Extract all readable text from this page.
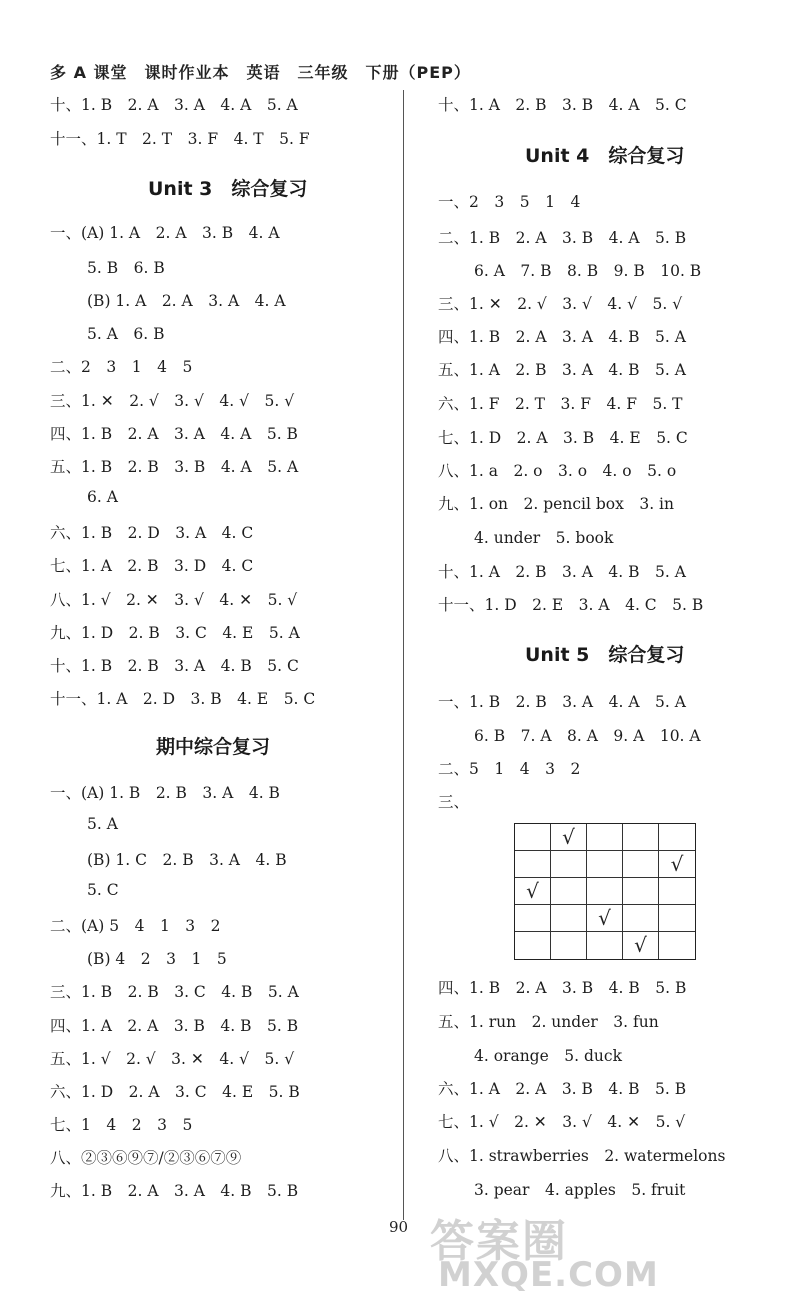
多 A 课堂　课时作业本　英语　三年级　下册（PEP）
十、1. B　2. A　3. A　4. A　5. A
十一、1. T　2. T　3. F　4. T　5. F
Unit 3　综合复习
一、(A) 1. A　2. A　3. B　4. A
5. B　6. B
(B) 1. A　2. A　3. A　4. A
5. A　6. B
二、2　3　1　4　5
三、1. ✕　2. √　3. √　4. √　5. √
四、1. B　2. A　3. A　4. A　5. B
五、1. B　2. B　3. B　4. A　5. A
6. A
六、1. B　2. D　3. A　4. C
七、1. A　2. B　3. D　4. C
八、1. √　2. ✕　3. √　4. ✕　5. √
九、1. D　2. B　3. C　4. E　5. A
十、1. B　2. B　3. A　4. B　5. C
十一、1. A　2. D　3. B　4. E　5. C
期中综合复习
一、(A) 1. B　2. B　3. A　4. B
5. A
(B) 1. C　2. B　3. A　4. B
5. C
二、(A) 5　4　1　3　2
(B) 4　2　3　1　5
三、1. B　2. B　3. C　4. B　5. A
四、1. A　2. A　3. B　4. B　5. B
五、1. √　2. √　3. ✕　4. √　5. √
六、1. D　2. A　3. C　4. E　5. B
七、1　4　2　3　5
八、②③⑥⑨⑦/②③⑥⑦⑨
九、1. B　2. A　3. A　4. B　5. B
十、1. A　2. B　3. B　4. A　5. C
Unit 4　综合复习
一、2　3　5　1　4
二、1. B　2. A　3. B　4. A　5. B
6. A　7. B　8. B　9. B　10. B
三、1. ✕　2. √　3. √　4. √　5. √
四、1. B　2. A　3. A　4. B　5. A
五、1. A　2. B　3. A　4. B　5. A
六、1. F　2. T　3. F　4. F　5. T
七、1. D　2. A　3. B　4. E　5. C
八、1. a　2. o　3. o　4. o　5. o
九、1. on　2. pencil box　3. in
4. under　5. book
十、1. A　2. B　3. A　4. B　5. A
十一、1. D　2. E　3. A　4. C　5. B
Unit 5　综合复习
一、1. B　2. B　3. A　4. A　5. A
6. B　7. A　8. A　9. A　10. A
二、5　1　4　3　2
三、
四、1. B　2. A　3. B　4. B　5. B
五、1. run　2. under　3. fun
4. orange　5. duck
六、1. A　2. A　3. B　4. B　5. B
七、1. √　2. ✕　3. √　4. ✕　5. √
八、1. strawberries　2. watermelons
3. pear　4. apples　5. fruit
√
√
√
√
√
90 答案圈
MXQE.COM
